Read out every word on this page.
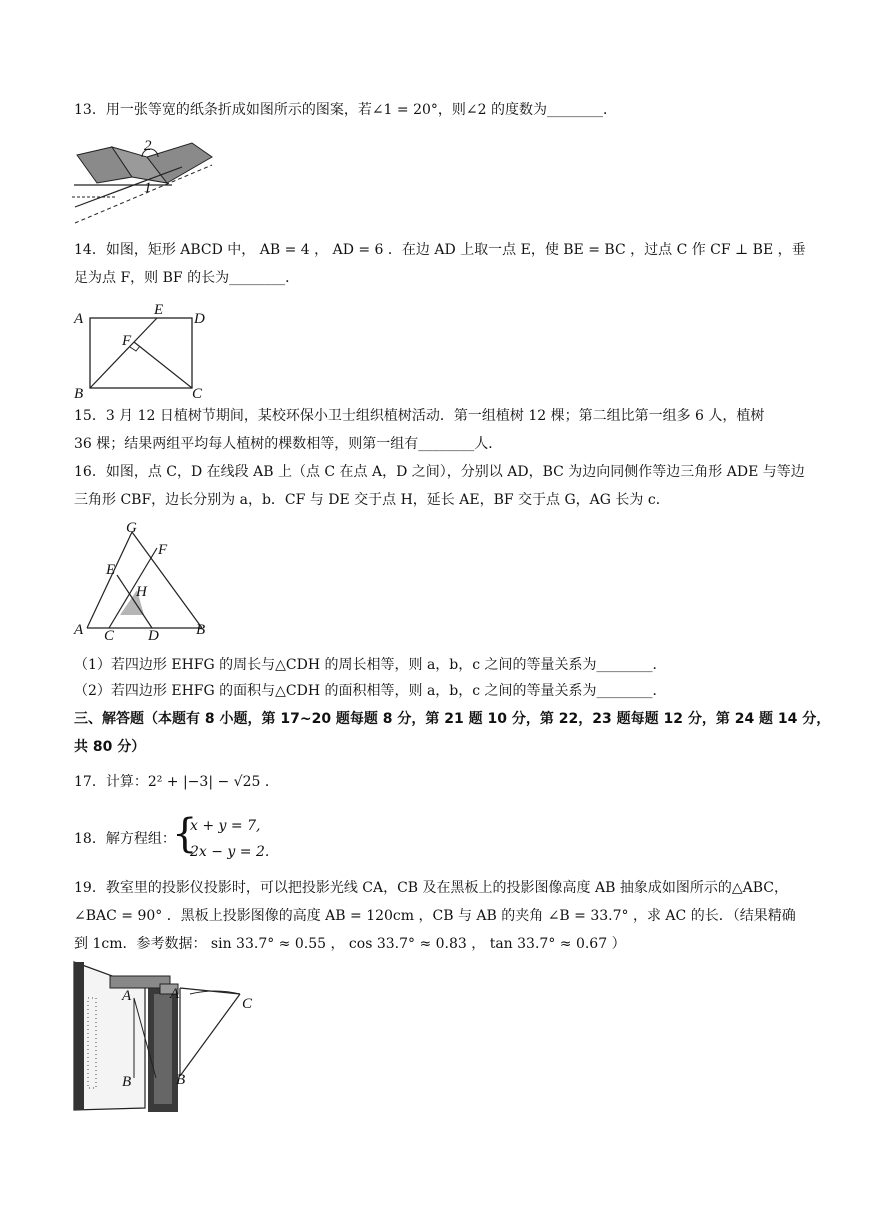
13．用一张等宽的纸条折成如图所示的图案，若∠1 = 20°，则∠2 的度数为________．
2
1
14．如图，矩形 ABCD 中， AB = 4 ， AD = 6 ．在边 AD 上取一点 E，使 BE = BC ，过点 C 作 CF ⊥ BE ，垂
足为点 F，则 BF 的长为________．
A
E
D
F
B	C
15．3 月 12 日植树节期间，某校环保小卫士组织植树活动．第一组植树 12 棵；第二组比第一组多 6 人，植树
36 棵；结果两组平均每人植树的棵数相等，则第一组有________人．
16．如图，点 C，D 在线段 AB 上（点 C 在点 A，D 之间），分别以 AD，BC 为边向同侧作等边三角形 ADE 与等边
三角形 CBF，边长分别为 a，b．CF 与 DE 交于点 H，延长 AE，BF 交于点 G，AG 长为 c．
G
F
E
H
A C D B
（1）若四边形 EHFG 的周长与△CDH 的周长相等，则 a，b，c 之间的等量关系为________．
（2）若四边形 EHFG 的面积与△CDH 的面积相等，则 a，b，c 之间的等量关系为________．
三、解答题（本题有 8 小题，第 17~20 题每题 8 分，第 21 题 10 分，第 22，23 题每题 12 分，第 24 题 14 分，
共 80 分）
17．计算：2² + |−3| − √25 ．
18．解方程组：
{
x + y = 7,
2x − y = 2.
19．教室里的投影仪投影时，可以把投影光线 CA，CB 及在黑板上的投影图像高度 AB 抽象成如图所示的△ABC，
∠BAC = 90° ．黑板上投影图像的高度 AB = 120cm ，CB 与 AB 的夹角 ∠B = 33.7° ，求 AC 的长．（结果精确
到 1cm．参考数据： sin 33.7° ≈ 0.55 ， cos 33.7° ≈ 0.83 ， tan 33.7° ≈ 0.67 ）
A
B
A
B
C
